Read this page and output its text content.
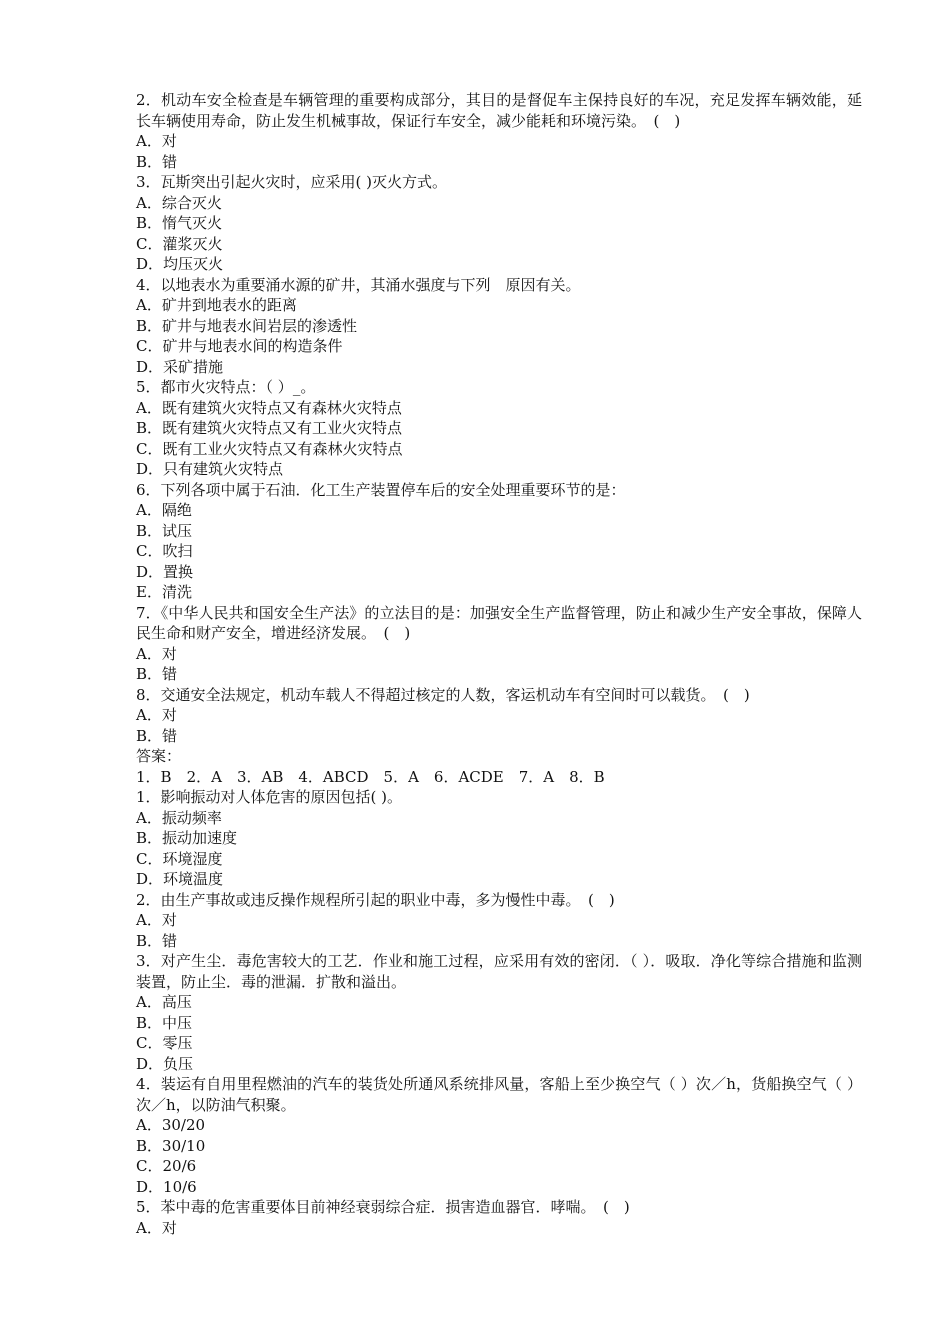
2．机动车安全检查是车辆管理的重要构成部分，其目的是督促车主保持良好的车况，充足发挥车辆效能，延长车辆使用寿命，防止发生机械事故，保证行车安全，减少能耗和环境污染。　(　)

A．对

B．错

3．瓦斯突出引起火灾时，应采用( )灭火方式。

A．综合灭火

B．惰气灭火

C．灌浆灭火

D．均压灭火

4．以地表水为重要涌水源的矿井，其涌水强度与下列　原因有关。

A．矿井到地表水的距离

B．矿井与地表水间岩层的渗透性

C．矿井与地表水间的构造条件

D．采矿措施

5．都市火灾特点：（ ）_。

A．既有建筑火灾特点又有森林火灾特点

B．既有建筑火灾特点又有工业火灾特点

C．既有工业火灾特点又有森林火灾特点

D．只有建筑火灾特点

6．下列各项中属于石油．化工生产装置停车后的安全处理重要环节的是：

A．隔绝

B．试压

C．吹扫

D．置换

E．清洗

7．《中华人民共和国安全生产法》的立法目的是：加强安全生产监督管理，防止和减少生产安全事故，保障人民生命和财产安全，增进经济发展。　(　)

A．对

B．错

8．交通安全法规定，机动车载人不得超过核定的人数，客运机动车有空间时可以载货。　(　)

A．对

B．错

答案：

1．B　2．A　3．AB　4．ABCD　5．A　6．ACDE　7．A　8．B

1．影响振动对人体危害的原因包括( )。

A．振动频率

B．振动加速度

C．环境湿度

D．环境温度

2．由生产事故或违反操作规程所引起的职业中毒，多为慢性中毒。　(　)

A．对

B．错

3．对产生尘．毒危害较大的工艺．作业和施工过程，应采用有效的密闭．（ ）．吸取．净化等综合措施和监测装置，防止尘．毒的泄漏．扩散和溢出。

A．高压

B．中压

C．零压

D．负压

4．装运有自用里程燃油的汽车的装货处所通风系统排风量，客船上至少换空气（ ）次／h，货船换空气（ ）次／h，以防油气积聚。

A．30/20

B．30/10

C．20/6

D．10/6

5．苯中毒的危害重要体目前神经衰弱综合症．损害造血器官．哮喘。　(　)

A．对
